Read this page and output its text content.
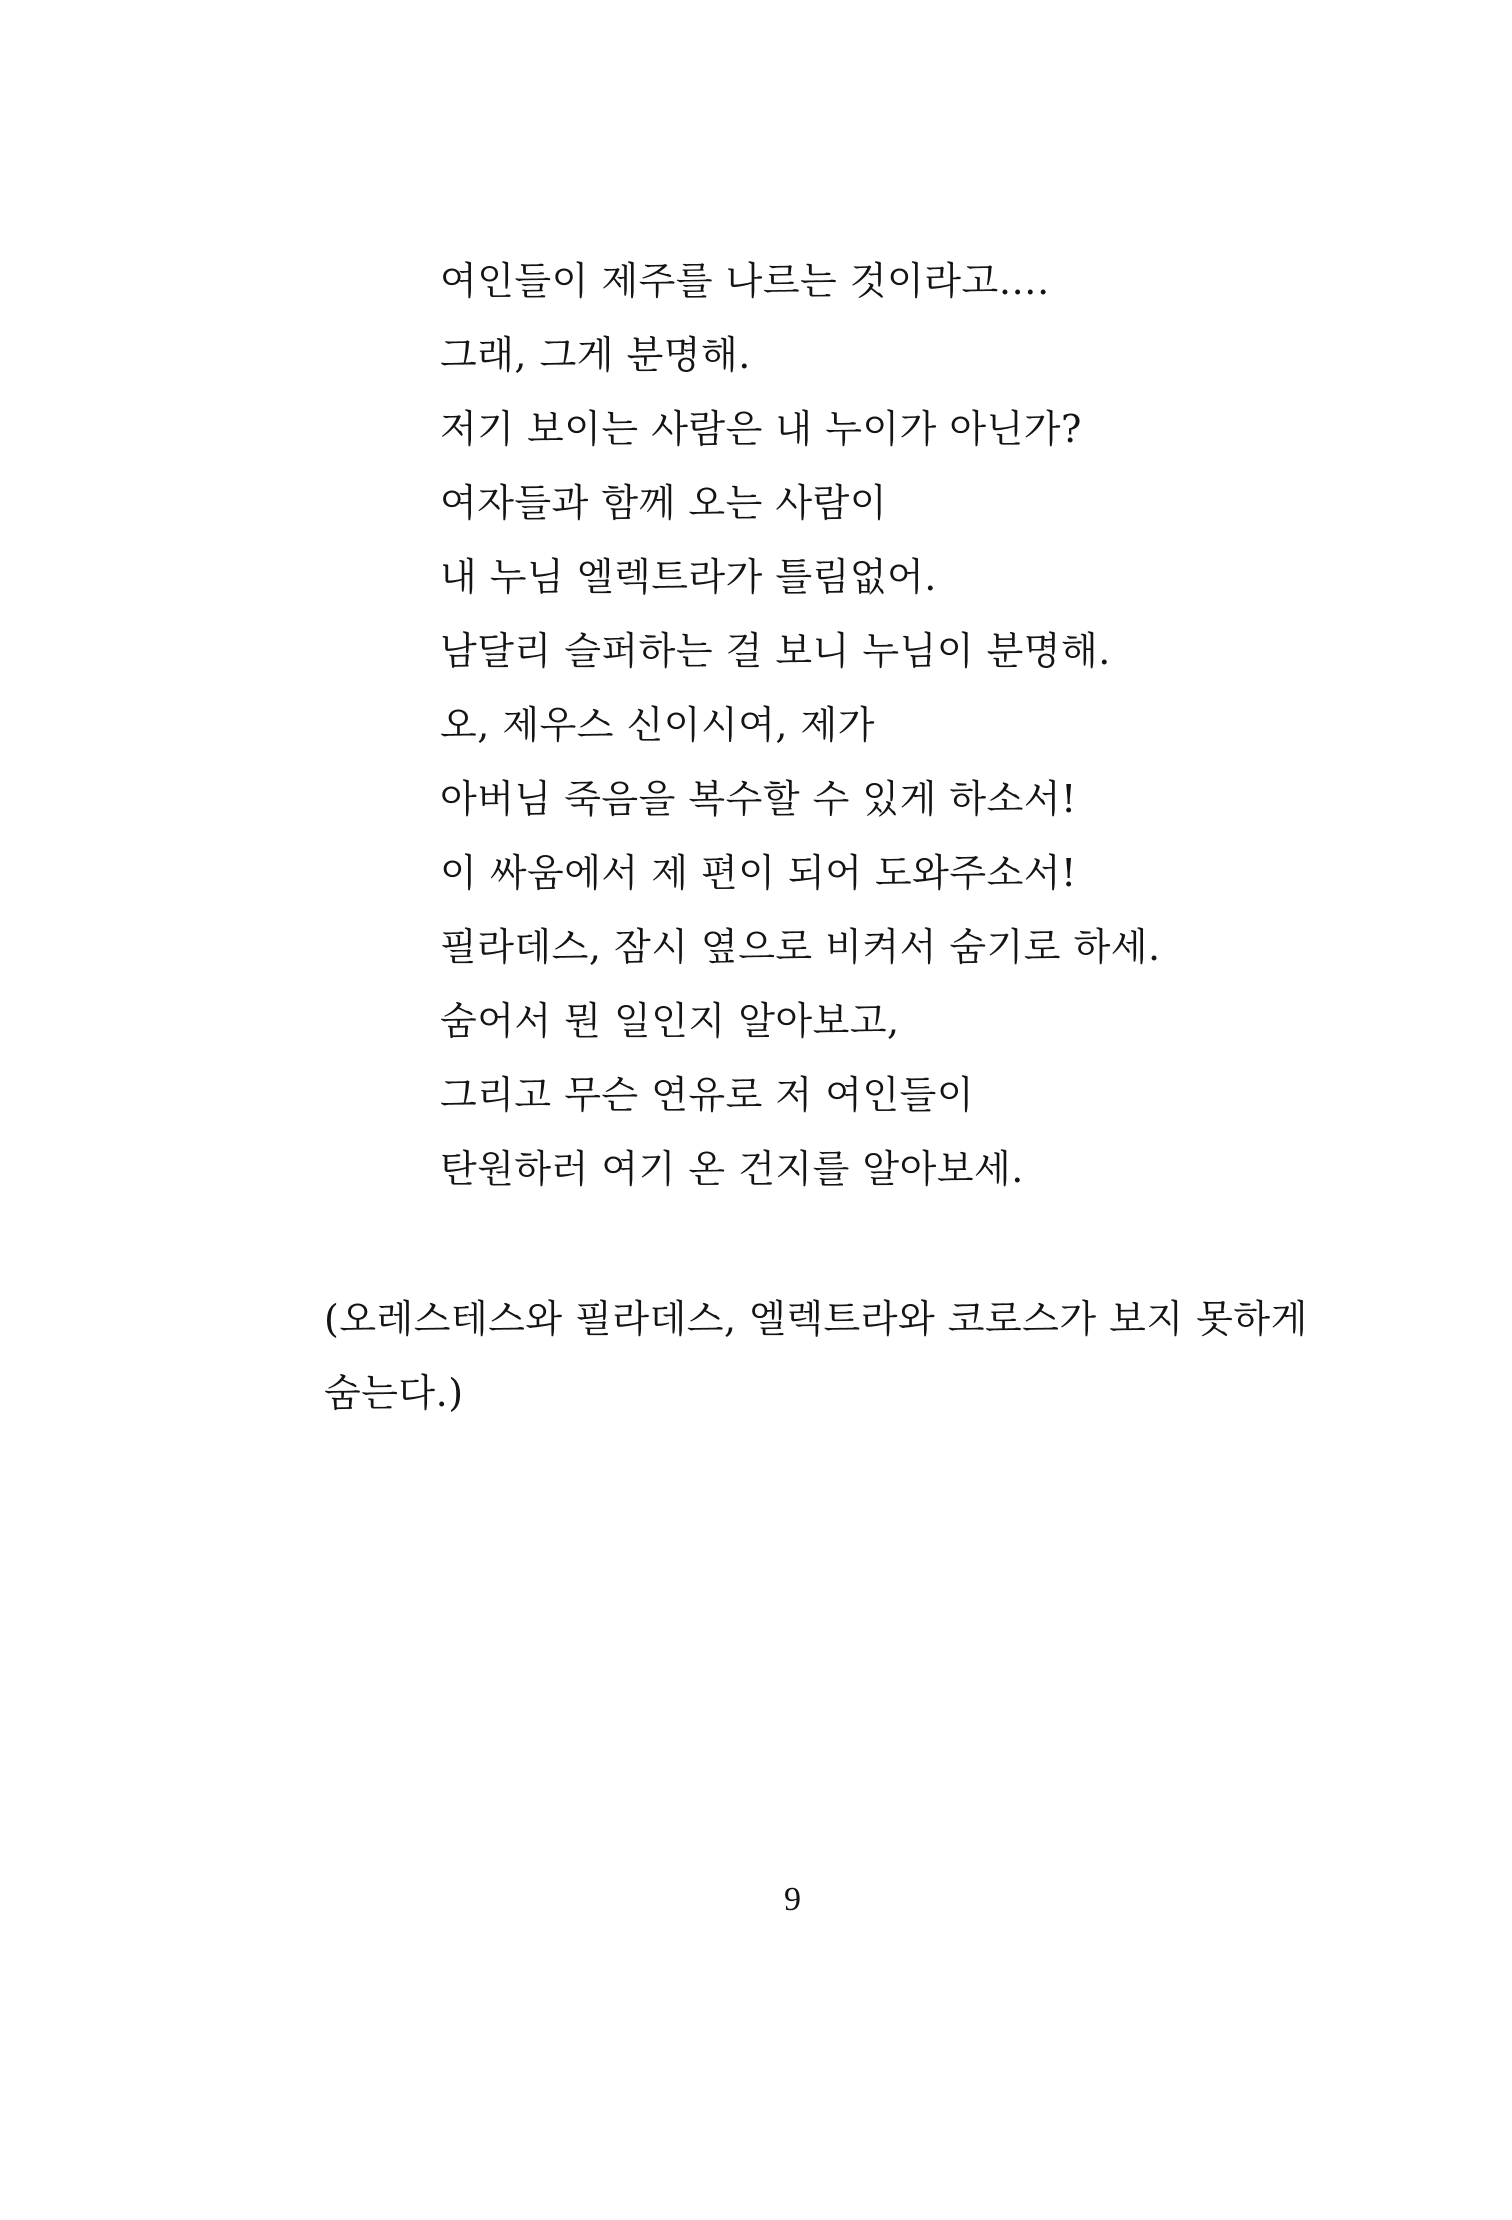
여인들이 제주를 나르는 것이라고….
그래, 그게 분명해.
저기 보이는 사람은 내 누이가 아닌가?
여자들과 함께 오는 사람이
내 누님 엘렉트라가 틀림없어.
남달리 슬퍼하는 걸 보니 누님이 분명해.
오, 제우스 신이시여, 제가
아버님 죽음을 복수할 수 있게 하소서!
이 싸움에서 제 편이 되어 도와주소서!
필라데스, 잠시 옆으로 비켜서 숨기로 하세.
숨어서 뭔 일인지 알아보고,
그리고 무슨 연유로 저 여인들이
탄원하러 여기 온 건지를 알아보세.
(오레스테스와 필라데스, 엘렉트라와 코로스가 보지 못하게
숨는다.)
9
